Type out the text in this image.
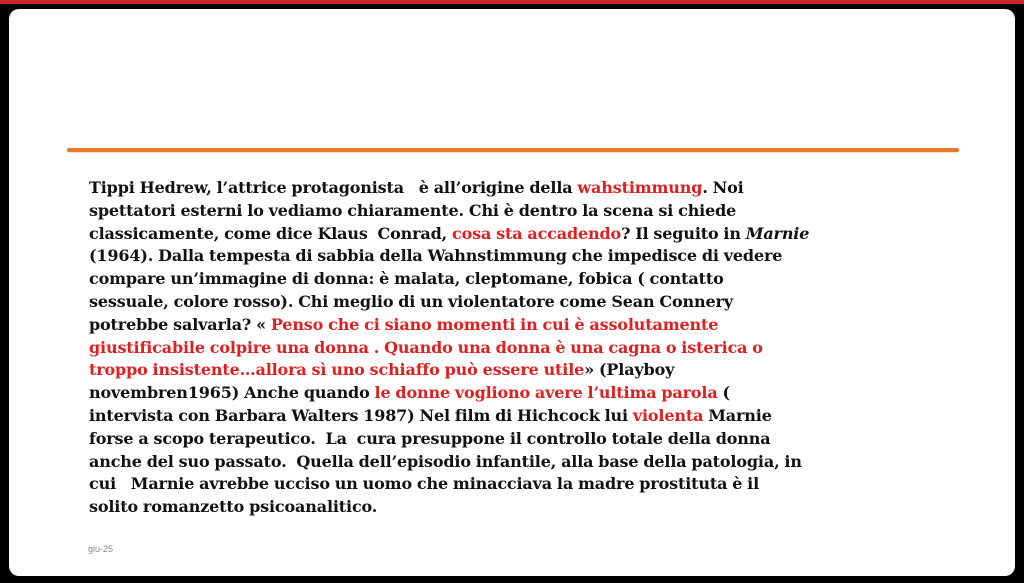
Tippi Hedrew, l’attrice protagonista   è all’origine della wahstimmung. Noi
spettatori esterni lo vediamo chiaramente. Chi è dentro la scena si chiede
classicamente, come dice Klaus  Conrad, cosa sta accadendo? Il seguito in Marnie
(1964). Dalla tempesta di sabbia della Wahnstimmung che impedisce di vedere
compare un’immagine di donna: è malata, cleptomane, fobica ( contatto
sessuale, colore rosso). Chi meglio di un violentatore come Sean Connery
potrebbe salvarla? « Penso che ci siano momenti in cui è assolutamente
giustificabile colpire una donna . Quando una donna è una cagna o isterica o
troppo insistente…allora sì uno schiaffo può essere utile» (Playboy
novembren1965) Anche quando le donne vogliono avere l’ultima parola (
intervista con Barbara Walters 1987) Nel film di Hichcock lui violenta Marnie
forse a scopo terapeutico.  La  cura presuppone il controllo totale della donna
anche del suo passato.  Quella dell’episodio infantile, alla base della patologia, in
cui   Marnie avrebbe ucciso un uomo che minacciava la madre prostituta è il
solito romanzetto psicoanalitico.
giu-25
